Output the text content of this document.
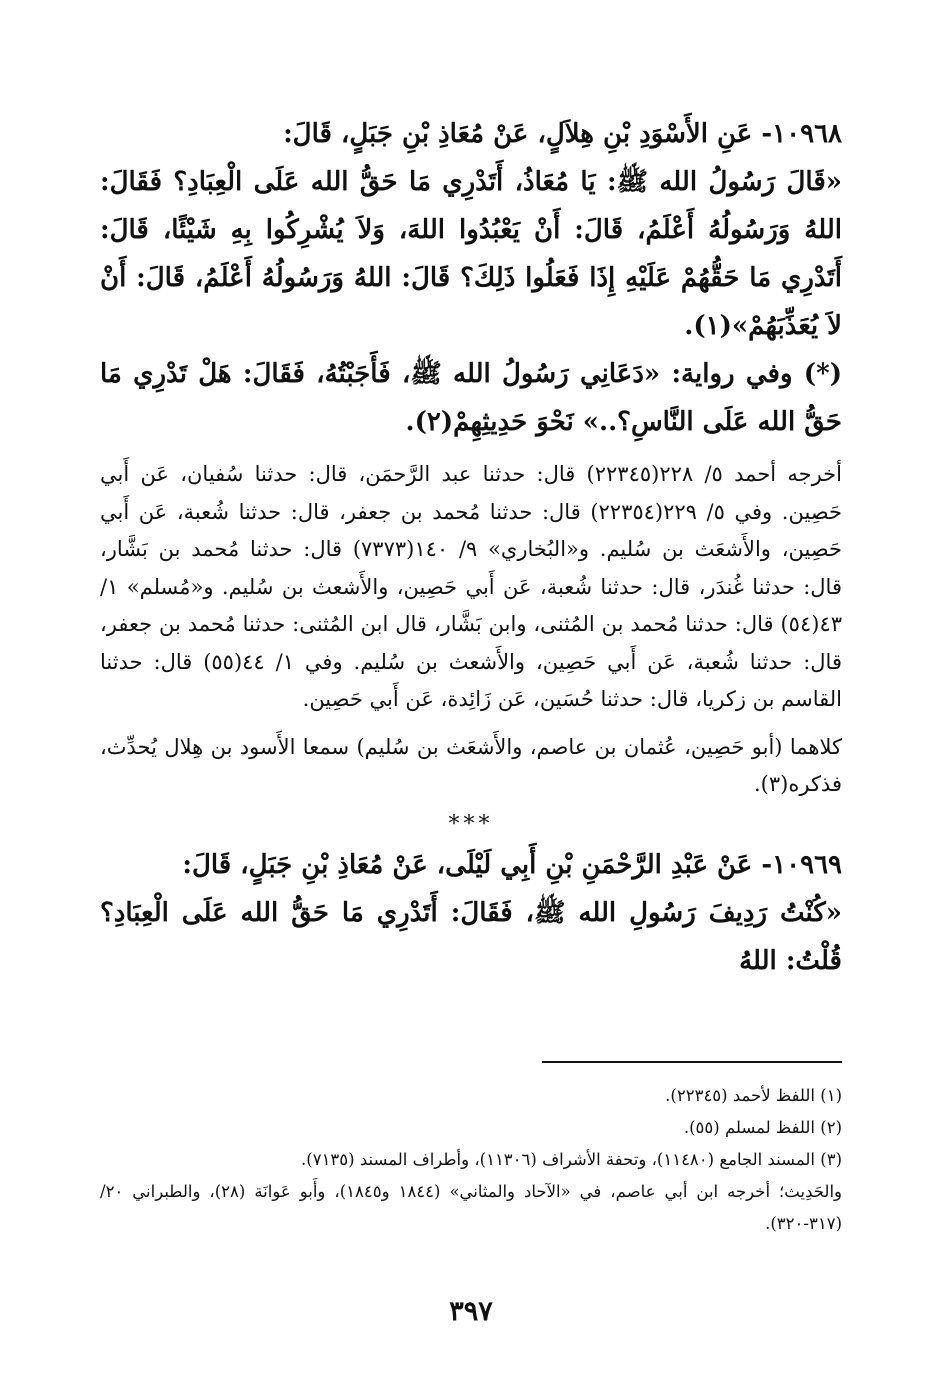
١٠٩٦٨- عَنِ الأَسْوَدِ بْنِ هِلاَلٍ، عَنْ مُعَاذِ بْنِ جَبَلٍ، قَالَ:

«قَالَ رَسُولُ الله ﷺ: يَا مُعَاذُ، أَتَدْرِي مَا حَقُّ الله عَلَى الْعِبَادِ؟ فَقَالَ: اللهُ وَرَسُولُهُ أَعْلَمُ، قَالَ: أَنْ يَعْبُدُوا اللهَ، وَلاَ يُشْرِكُوا بِهِ شَيْئًا، قَالَ: أَتَدْرِي مَا حَقُّهُمْ عَلَيْهِ إِذَا فَعَلُوا ذَلِكَ؟ قَالَ: اللهُ وَرَسُولُهُ أَعْلَمُ، قَالَ: أَنْ لاَ يُعَذِّبَهُمْ»(١).

(*) وفي رواية: «دَعَانِي رَسُولُ الله ﷺ، فَأَجَبْتُهُ، فَقَالَ: هَلْ تَدْرِي مَا حَقُّ الله عَلَى النَّاسِ؟..» نَحْوَ حَدِيثِهِمْ(٢).

أخرجه أحمد ٥/ ٢٢٨(٢٢٣٤٥) قال: حدثنا عبد الرَّحمَن، قال: حدثنا سُفيان، عَن أَبي حَصِين. وفي ٥/ ٢٢٩(٢٢٣٥٤) قال: حدثنا مُحمد بن جعفر، قال: حدثنا شُعبة، عَن أَبي حَصِين، والأَشعَث بن سُليم. و«البُخاري» ٩/ ١٤٠(٧٣٧٣) قال: حدثنا مُحمد بن بَشَّار، قال: حدثنا غُندَر، قال: حدثنا شُعبة، عَن أَبي حَصِين، والأَشعث بن سُليم. و«مُسلم» ١/ ٤٣(٥٤) قال: حدثنا مُحمد بن المُثنى، وابن بَشَّار، قال ابن المُثنى: حدثنا مُحمد بن جعفر، قال: حدثنا شُعبة، عَن أَبي حَصِين، والأَشعث بن سُليم. وفي ١/ ٤٤(٥٥) قال: حدثنا القاسم بن زكريا، قال: حدثنا حُسَين، عَن زَائِدة، عَن أَبي حَصِين.

كلاهما (أبو حَصِين، عُثمان بن عاصم، والأَشعَث بن سُليم) سمعا الأَسود بن هِلال يُحدِّث، فذكره(٣).

***

١٠٩٦٩- عَنْ عَبْدِ الرَّحْمَنِ بْنِ أَبِي لَيْلَى، عَنْ مُعَاذِ بْنِ جَبَلٍ، قَالَ:

«كُنْتُ رَدِيفَ رَسُولِ الله ﷺ، فَقَالَ: أَتَدْرِي مَا حَقُّ الله عَلَى الْعِبَادِ؟ قُلْتُ: اللهُ

(١) اللفظ لأحمد (٢٢٣٤٥).
(٢) اللفظ لمسلم (٥٥).
(٣) المسند الجامع (١١٤٨٠)، وتحفة الأشراف (١١٣٠٦)، وأطراف المسند (٧١٣٥).
والحَدِيث؛ أخرجه ابن أبي عاصم، في «الآحاد والمثاني» (١٨٤٤ و١٨٤٥)، وأَبو عَوانَة (٢٨)، والطبراني ٢٠/ (٣١٧-٣٢٠).
٣٩٧
